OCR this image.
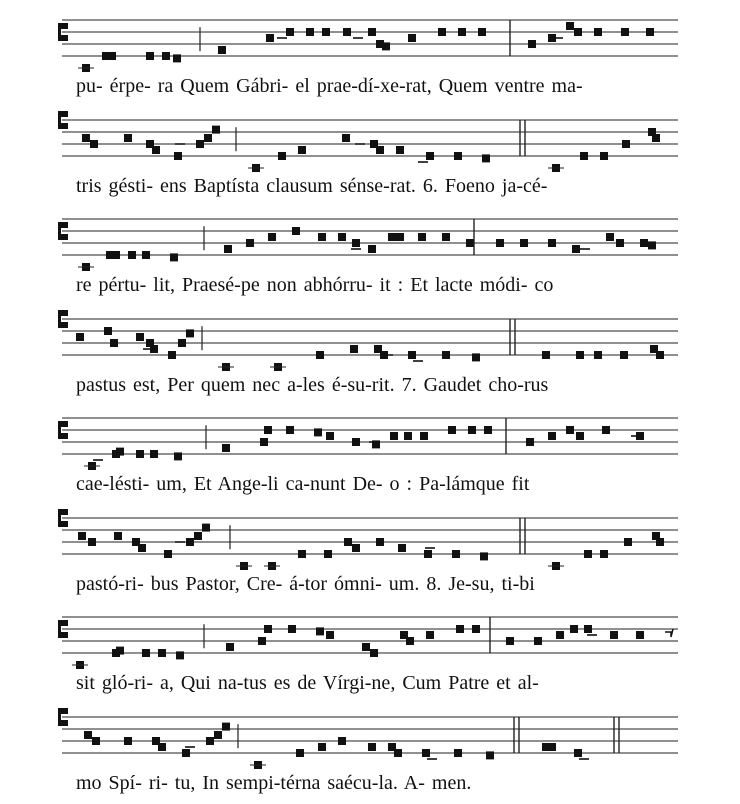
pu- érpe- ra Quem Gábri- el prae-dí-xe-rat, Quem ventre ma-
tris gésti- ens Baptísta clausum sénse-rat. 6. Foeno ja-cé-
re pértu- lit, Praesé-pe non abhórru- it : Et lacte módi- co
pastus est, Per quem nec a-les é-su-rit. 7. Gaudet cho-rus
cae-lésti- um, Et Ange-li ca-nunt De- o : Pa-lámque fit
pastó-ri- bus Pastor, Cre- á-tor ómni- um. 8. Je-su, ti-bi
sit gló-ri- a, Qui na-tus es de Vírgi-ne, Cum Patre et al-
mo Spí- ri- tu, In sempi-térna saécu-la. A- men.
